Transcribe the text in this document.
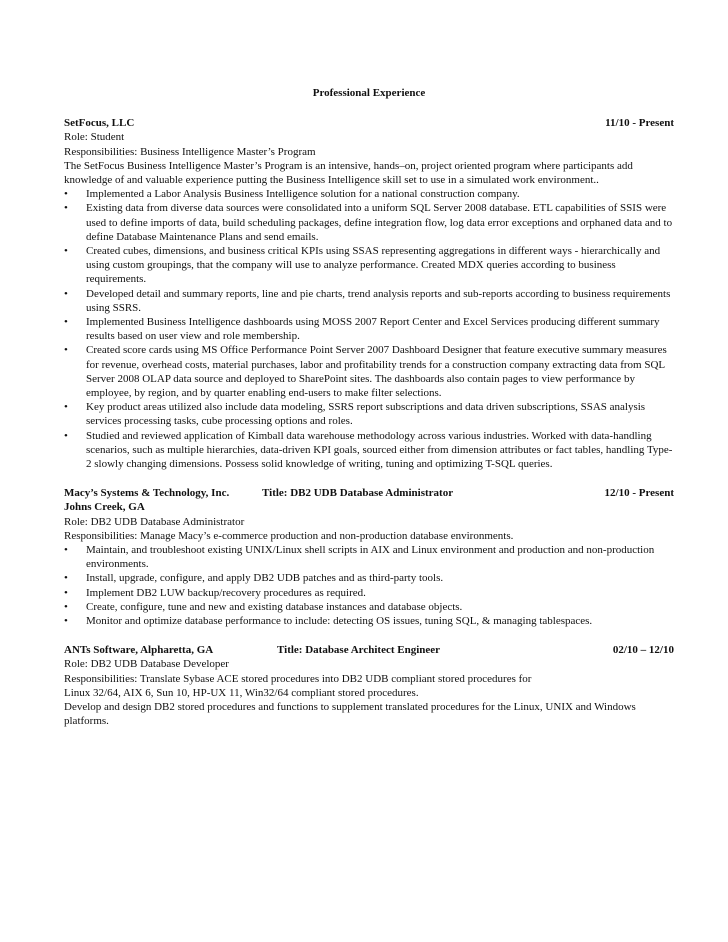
Professional Experience
SetFocus, LLC	11/10 - Present

Role: Student

Responsibilities: Business Intelligence Master’s Program

The SetFocus Business Intelligence Master’s Program is an intensive, hands–on, project oriented program where participants add knowledge of and valuable experience putting the Business Intelligence skill set to use in a simulated work environment..

• Implemented a Labor Analysis Business Intelligence solution for a national construction company.
• Existing data from diverse data sources were consolidated into a uniform SQL Server 2008 database. ETL capabilities of SSIS were used to define imports of data, build scheduling packages, define integration flow, log data error exceptions and orphaned data and to define Database Maintenance Plans and send emails.
• Created cubes, dimensions, and business critical KPIs using SSAS representing aggregations in different ways - hierarchically and using custom groupings, that the company will use to analyze performance. Created MDX queries according to business requirements.
• Developed detail and summary reports, line and pie charts, trend analysis reports and sub-reports according to business requirements using SSRS.
• Implemented Business Intelligence dashboards using MOSS 2007 Report Center and Excel Services producing different summary results based on user view and role membership.
• Created score cards using MS Office Performance Point Server 2007 Dashboard Designer that feature executive summary measures for revenue, overhead costs, material purchases, labor and profitability trends for a construction company extracting data from SQL Server 2008 OLAP data source and deployed to SharePoint sites. The dashboards also contain pages to view performance by employee, by region, and by quarter enabling end-users to make filter selections.
• Key product areas utilized also include data modeling, SSRS report subscriptions and data driven subscriptions, SSAS analysis services processing tasks, cube processing options and roles.
• Studied and reviewed application of Kimball data warehouse methodology across various industries. Worked with data-handling scenarios, such as multiple hierarchies, data-driven KPI goals, sourced either from dimension attributes or fact tables, handling Type-2 slowly changing dimensions. Possess solid knowledge of writing, tuning and optimizing T-SQL queries.
Macy’s Systems & Technology, Inc.	Title: DB2 UDB Database Administrator	12/10 - Present
Johns Creek, GA

Role: DB2 UDB Database Administrator

Responsibilities: Manage Macy’s e-commerce production and non-production database environments.

• Maintain, and troubleshoot existing UNIX/Linux shell scripts in AIX and Linux environment and production and non-production environments.
• Install, upgrade, configure, and apply DB2 UDB patches and as third-party tools.
• Implement DB2 LUW backup/recovery procedures as required.
• Create, configure, tune and new and existing database instances and database objects.
• Monitor and optimize database performance to include: detecting OS issues, tuning SQL, & managing tablespaces.
ANTs Software, Alpharetta, GA	Title: Database Architect Engineer	02/10 – 12/10

Role: DB2 UDB Database Developer

Responsibilities: Translate Sybase ACE stored procedures into DB2 UDB compliant stored procedures for

Linux 32/64, AIX 6, Sun 10, HP-UX 11, Win32/64 compliant stored procedures.

Develop and design DB2 stored procedures and functions to supplement translated procedures for the Linux, UNIX and Windows platforms.
